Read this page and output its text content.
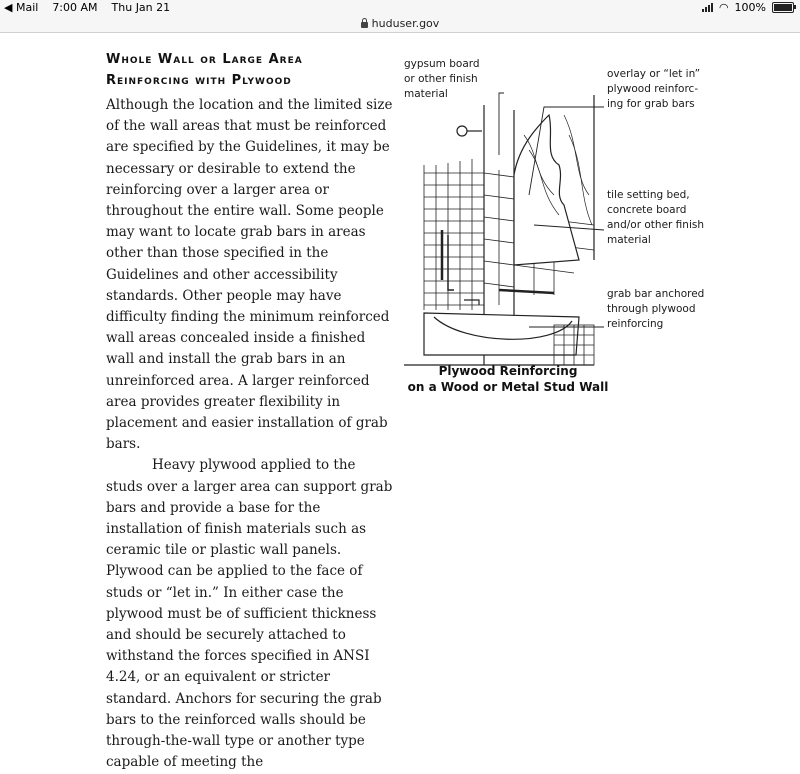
◀ Mail 7:00 AM Thu Jan 21	◠ 100%
huduser.gov
Whole Wall or Large Area
Reinforcing with Plywood

Although the location and the limited size of the wall areas that must be reinforced are specified by the Guidelines, it may be necessary or desirable to extend the reinforcing over a larger area or throughout the entire wall. Some people may want to locate grab bars in areas other than those specified in the Guidelines and other accessibility standards. Other people may have difficulty finding the minimum reinforced wall areas concealed inside a finished wall and install the grab bars in an unreinforced area. A larger reinforced area provides greater flexibility in placement and easier installation of grab bars.

Heavy plywood applied to the studs over a larger area can support grab bars and provide a base for the installation of finish materials such as ceramic tile or plastic wall panels. Plywood can be applied to the face of studs or “let in.” In either case the plywood must be of sufficient thickness and should be securely attached to withstand the forces specified in ANSI 4.24, or an equivalent or stricter standard. Anchors for securing the grab bars to the reinforced walls should be through-the-wall type or another type capable of meeting the

gypsum board or other finish material
overlay or “let in” plywood reinforc-ing for grab bars
tile setting bed, concrete board and/or other finish material
grab bar anchored through plywood reinforcing
Plywood Reinforcing
on a Wood or Metal Stud Wall
